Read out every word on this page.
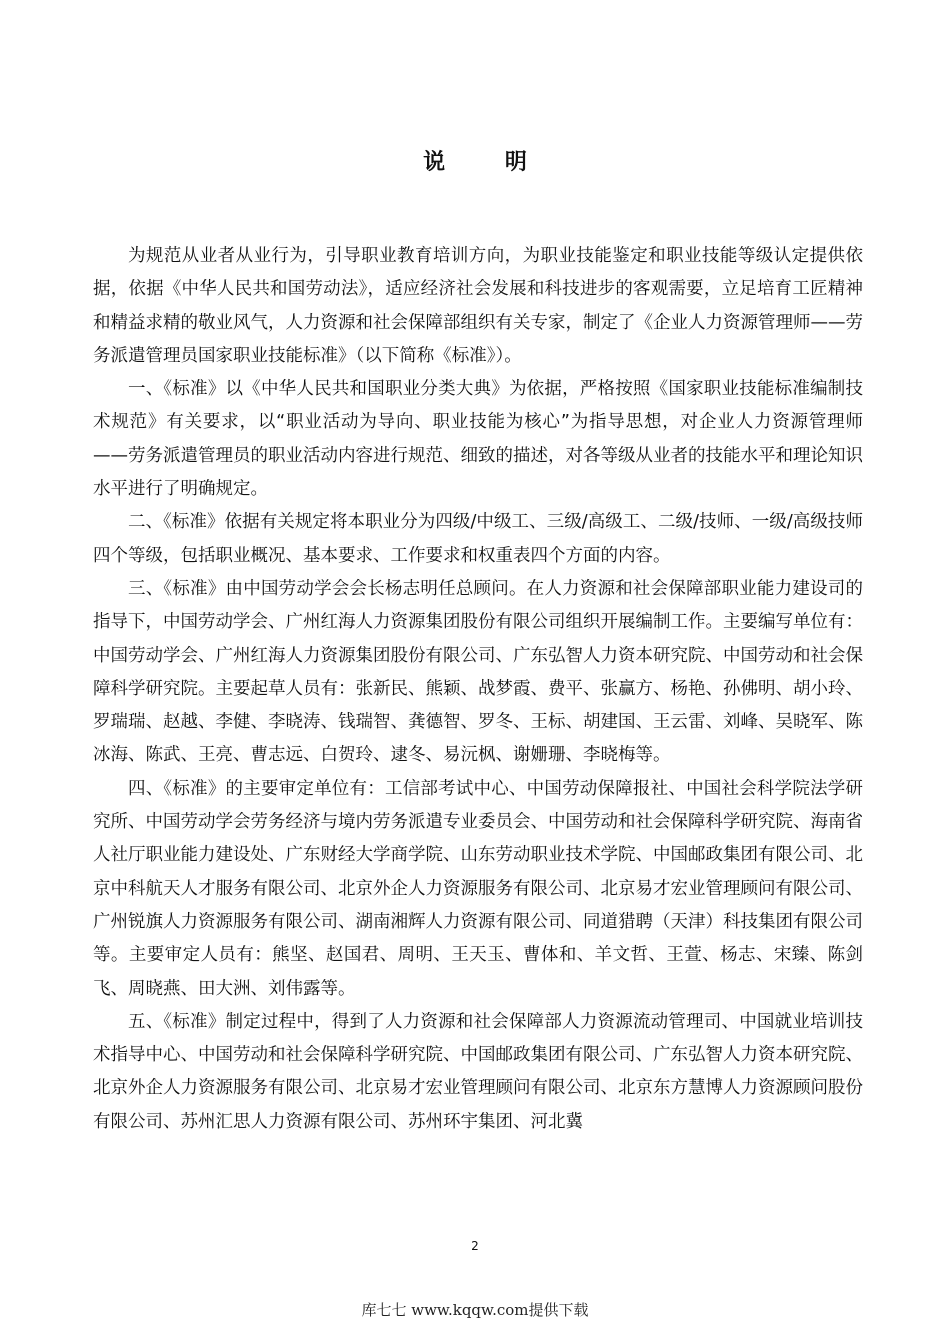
说 明

为规范从业者从业行为，引导职业教育培训方向，为职业技能鉴定和职业技能等级认定提供依据，依据《中华人民共和国劳动法》，适应经济社会发展和科技进步的客观需要，立足培育工匠精神和精益求精的敬业风气，人力资源和社会保障部组织有关专家，制定了《企业人力资源管理师——劳务派遣管理员国家职业技能标准》（以下简称《标准》）。

一、《标准》以《中华人民共和国职业分类大典》为依据，严格按照《国家职业技能标准编制技术规范》有关要求，以“职业活动为导向、职业技能为核心”为指导思想，对企业人力资源管理师——劳务派遣管理员的职业活动内容进行规范、细致的描述，对各等级从业者的技能水平和理论知识水平进行了明确规定。

二、《标准》依据有关规定将本职业分为四级/中级工、三级/高级工、二级/技师、一级/高级技师四个等级，包括职业概况、基本要求、工作要求和权重表四个方面的内容。

三、《标准》由中国劳动学会会长杨志明任总顾问。在人力资源和社会保障部职业能力建设司的指导下，中国劳动学会、广州红海人力资源集团股份有限公司组织开展编制工作。主要编写单位有：中国劳动学会、广州红海人力资源集团股份有限公司、广东弘智人力资本研究院、中国劳动和社会保障科学研究院。主要起草人员有：张新民、熊颖、战梦霞、费平、张赢方、杨艳、孙佛明、胡小玲、罗瑞瑞、赵越、李健、李晓涛、钱瑞智、龚德智、罗冬、王标、胡建国、王云雷、刘峰、吴晓军、陈冰海、陈武、王亮、曹志远、白贺玲、逮冬、易沅枫、谢姗珊、李晓梅等。

四、《标准》的主要审定单位有：工信部考试中心、中国劳动保障报社、中国社会科学院法学研究所、中国劳动学会劳务经济与境内劳务派遣专业委员会、中国劳动和社会保障科学研究院、海南省人社厅职业能力建设处、广东财经大学商学院、山东劳动职业技术学院、中国邮政集团有限公司、北京中科航天人才服务有限公司、北京外企人力资源服务有限公司、北京易才宏业管理顾问有限公司、广州锐旗人力资源服务有限公司、湖南湘辉人力资源有限公司、同道猎聘（天津）科技集团有限公司等。主要审定人员有：熊坚、赵国君、周明、王天玉、曹体和、羊文哲、王萱、杨志、宋臻、陈剑飞、周晓燕、田大洲、刘伟露等。

五、《标准》制定过程中，得到了人力资源和社会保障部人力资源流动管理司、中国就业培训技术指导中心、中国劳动和社会保障科学研究院、中国邮政集团有限公司、广东弘智人力资本研究院、北京外企人力资源服务有限公司、北京易才宏业管理顾问有限公司、北京东方慧博人力资源顾问股份有限公司、苏州汇思人力资源有限公司、苏州环宇集团、河北冀

2
库七七 www.kqqw.com提供下载
